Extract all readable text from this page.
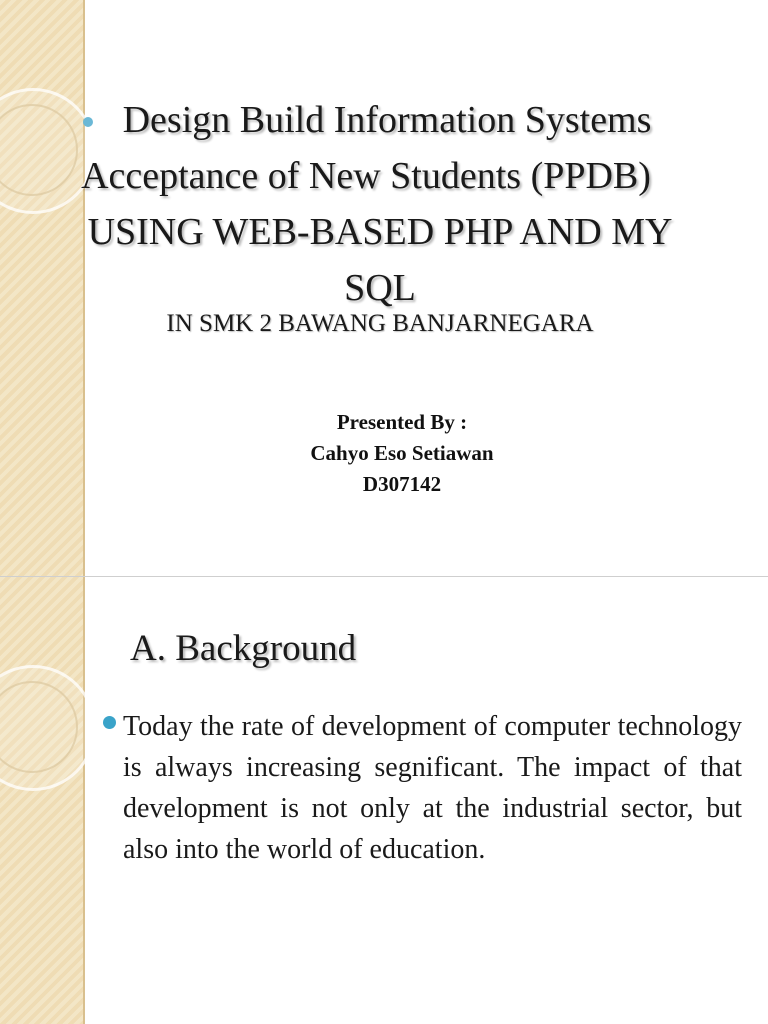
Design Build Information Systems
Acceptance of New Students (PPDB)
USING WEB-BASED PHP AND MY
SQL
IN SMK 2 BAWANG BANJARNEGARA
Presented By :
Cahyo Eso Setiawan
D307142
A. Background

Today the rate of development of computer technology is always increasing segnificant. The impact of that development is not only at the industrial sector, but also into the world of education.
